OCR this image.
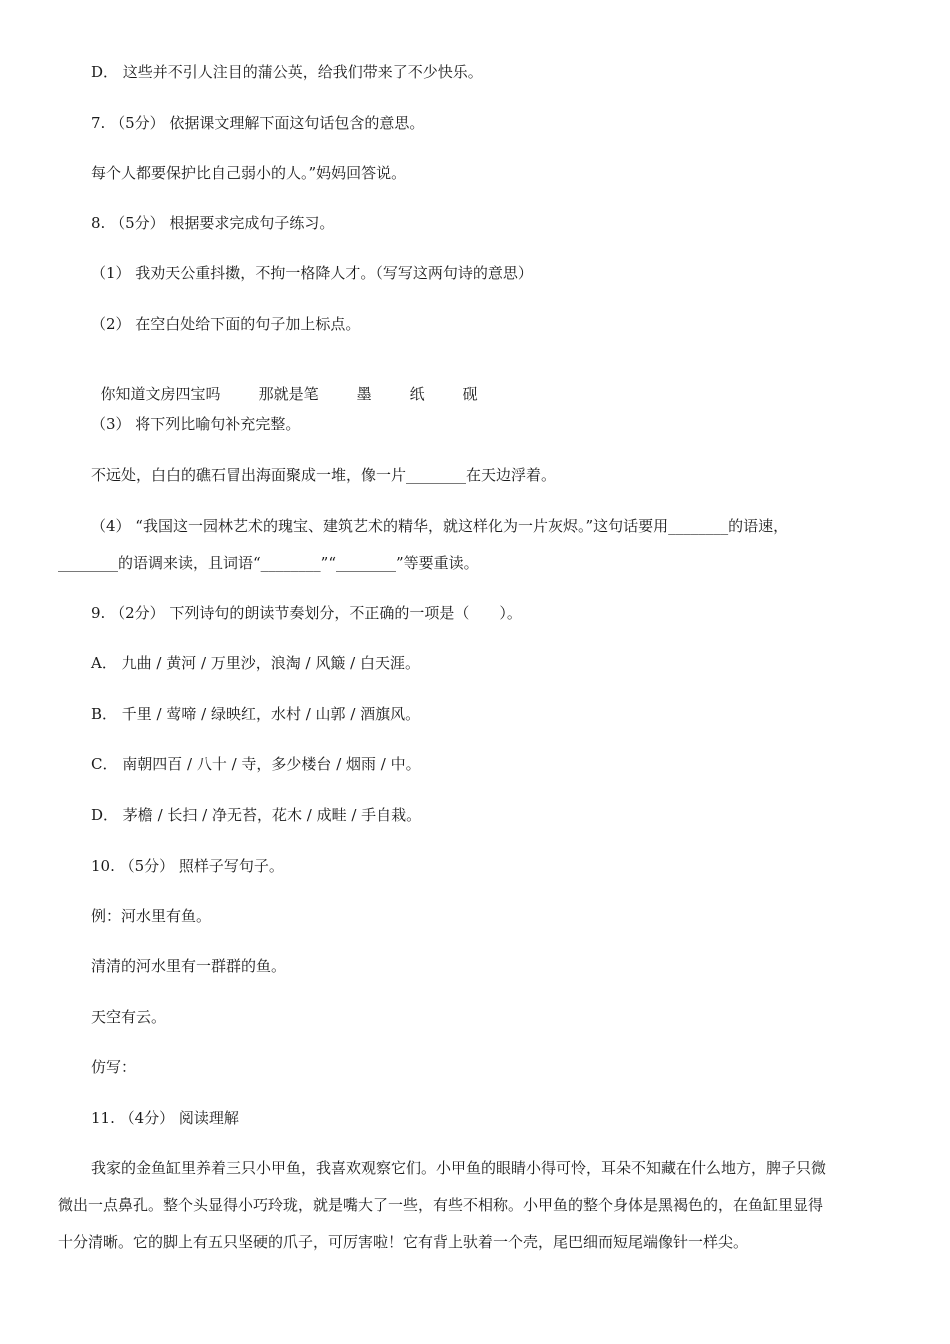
D． 这些并不引人注目的蒲公英，给我们带来了不少快乐。

7. （5分） 依据课文理解下面这句话包含的意思。

每个人都要保护比自己弱小的人。”妈妈回答说。

8. （5分） 根据要求完成句子练习。

（1） 我劝天公重抖擞，不拘一格降人才。（写写这两句诗的意思）

（2） 在空白处给下面的句子加上标点。

你知道文房四宝吗	那就是笔	墨	纸	砚

（3） 将下列比喻句补充完整。

不远处，白白的礁石冒出海面聚成一堆，像一片________在天边浮着。

（4） “我国这一园林艺术的瑰宝、建筑艺术的精华，就这样化为一片灰烬。”这句话要用________的语速，

________的语调来读，且词语“________”“________”等要重读。

9. （2分） 下列诗句的朗读节奏划分，不正确的一项是（　　）。

A． 九曲 / 黄河 / 万里沙，浪淘 / 风簸 / 白天涯。

B． 千里 / 莺啼 / 绿映红，水村 / 山郭 / 酒旗风。

C． 南朝四百 / 八十 / 寺，多少楼台 / 烟雨 / 中。

D． 茅檐 / 长扫 / 净无苔，花木 / 成畦 / 手自栽。

10. （5分） 照样子写句子。

例：河水里有鱼。

清清的河水里有一群群的鱼。

天空有云。

仿写：

11. （4分） 阅读理解

我家的金鱼缸里养着三只小甲鱼，我喜欢观察它们。小甲鱼的眼睛小得可怜，耳朵不知藏在什么地方，脾子只微

微出一点鼻孔。整个头显得小巧玲珑，就是嘴大了一些，有些不相称。小甲鱼的整个身体是黑褐色的，在鱼缸里显得

十分清晰。它的脚上有五只坚硬的爪子，可厉害啦！它有背上驮着一个壳，尾巴细而短尾端像针一样尖。
